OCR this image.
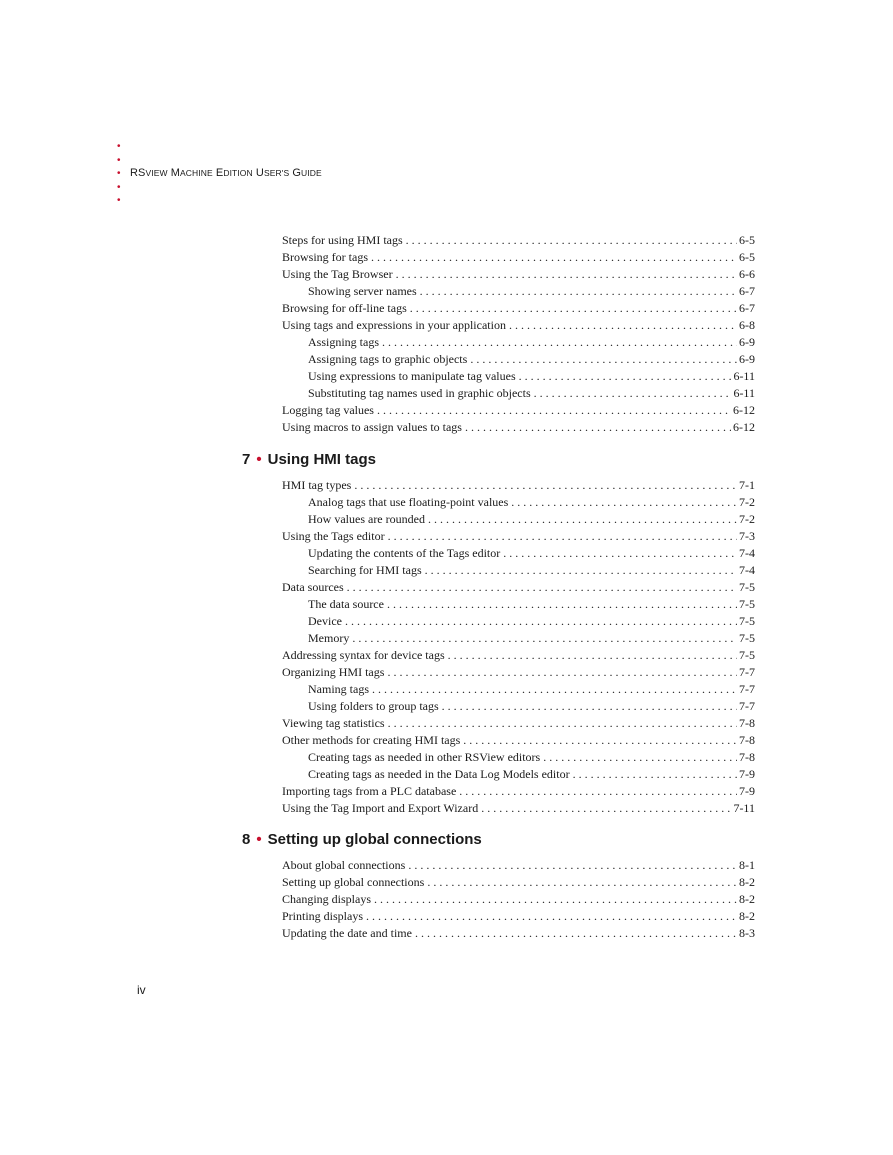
•
•
• RSVIEW MACHINE EDITION USER'S GUIDE
•
•
Steps for using HMI tags . . .	6-5
Browsing for tags . . .	6-5
Using the Tag Browser . . .	6-6
Showing server names . . .	6-7
Browsing for off-line tags . . .	6-7
Using tags and expressions in your application . . .	6-8
Assigning tags . . .	6-9
Assigning tags to graphic objects . . .	6-9
Using expressions to manipulate tag values . . .	6-11
Substituting tag names used in graphic objects . . .	6-11
Logging tag values . . .	6-12
Using macros to assign values to tags . . .	6-12
7 • Using HMI tags
HMI tag types . . .	7-1
Analog tags that use floating-point values . . .	7-2
How values are rounded . . .	7-2
Using the Tags editor . . .	7-3
Updating the contents of the Tags editor . . .	7-4
Searching for HMI tags . . .	7-4
Data sources . . .	7-5
The data source . . .	7-5
Device . . .	7-5
Memory . . .	7-5
Addressing syntax for device tags . . .	7-5
Organizing HMI tags . . .	7-7
Naming tags . . .	7-7
Using folders to group tags . . .	7-7
Viewing tag statistics . . .	7-8
Other methods for creating HMI tags . . .	7-8
Creating tags as needed in other RSView editors . . .	7-8
Creating tags as needed in the Data Log Models editor . . .	7-9
Importing tags from a PLC database . . .	7-9
Using the Tag Import and Export Wizard . . .	7-11
8 • Setting up global connections
About global connections . . .	8-1
Setting up global connections . . .	8-2
Changing displays . . .	8-2
Printing displays . . .	8-2
Updating the date and time . . .	8-3
iv
